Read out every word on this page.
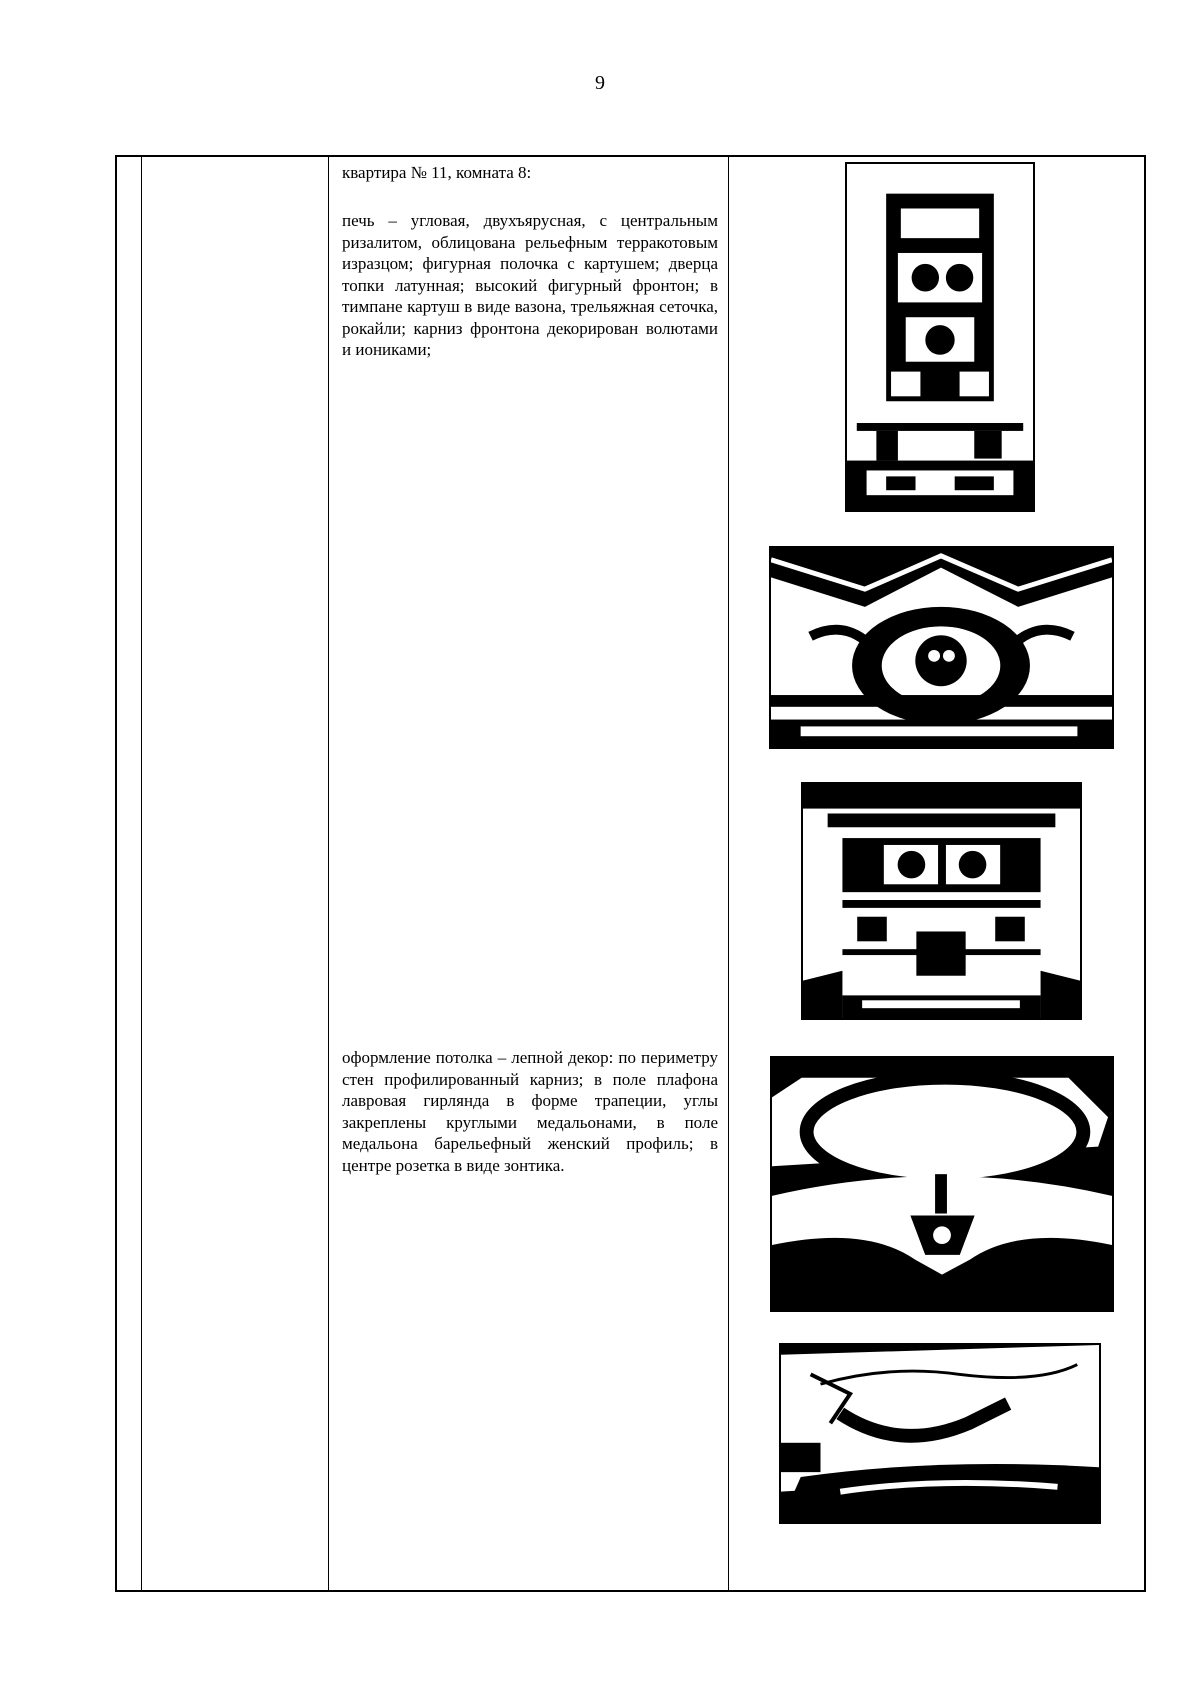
9
квартира № 11, комната 8:
печь – угловая, двухъярусная, с центральным ризалитом, облицована рельефным терракотовым изразцом; фигурная полочка с картушем; дверца топки латунная; высокий фигурный фронтон; в тимпане картуш в виде вазона, трельяжная сеточка, рокайли; карниз фронтона декорирован волютами и иониками;
оформление потолка – лепной декор: по периметру стен профилированный карниз; в поле плафона лавровая гирлянда в форме трапеции, углы закреплены круглыми медальонами, в поле медальона барельефный женский профиль; в центре розетка в виде зонтика.
